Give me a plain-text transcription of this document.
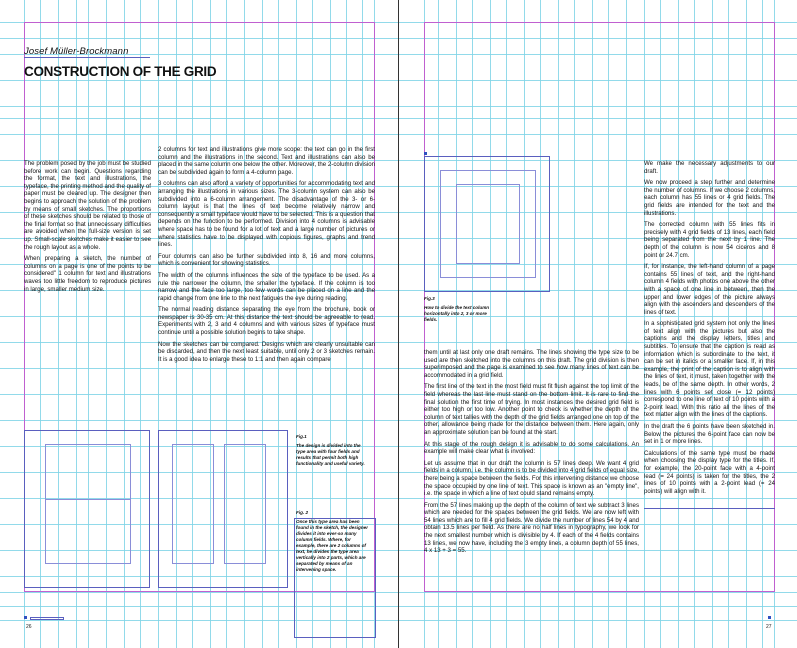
Josef Müller-Brockmann
CONSTRUCTION OF THE GRID

The problem posed by the job must be studied before work can begin. Questions regarding the format, the text and illustrations, the typeface, the printing method and the quality of paper must be cleared up. The designer then begins to approach the solution of the problem by means of small sketches. The proportions of these sketches should be related to those of the final format so that unnecessary difficulties are avoided when the full-size version is set up. Small-scale sketches make it easier to see the rough layout as a whole.

When preparing a sketch, the number of columns on a page is one of the points to be considered" 1 column for text and illustrations waves too little freedom to reproduce pictures in large, smaller medium size.

2 columns for text and illustrations give more scope: the text can go in the first column and the illustrations in the second. Text and illustrations can also be placed in the same column one below the other. Moreover, the 2-column division can be subdivided again to form a 4-column page.

3 columns can also afford a variety of opportunities for accommodating text and arranging the illustrations in various sizes. The 3-column system can also be subdivided into a 6-column arrangement. The disadvantage of the 3- or 6-column layout is that the lines of text become relatively narrow and consequently a small typeface would have to be selected. This is a question that depends on the function to be performed. Division into 4 columns is advisable where space has to be found for a lot of text and a large number of pictures or where statistics have to be displayed with copious figures, graphs and trend lines.

Four columns can also be further subdivided into 8, 16 and more columns, which is convenient for showing statistics.

The width of the columns influences the size of the typeface to be used. As a rule the narrower the column, the smaller the typeface. If the column is too narrow and the face too large, too few words can be placed on a line and the rapid change from one line to the next fatigues the eye during reading.

The normal reading distance separating the eye from the brochure, book or newspaper is 30-35 cm. At this distance the text should be agreeable to read. Experiments with 2, 3 and 4 columns and with various sizes of typeface must continue until a possible solution begins to take shape.

Now the sketches can be compared. Designs which are clearly unsuitable can be discarded, and then the next least suitable, until only 2 or 3 sketches remain. It is a good idea to enlarge these to 1:1 and then again compare

Fig.1
The design is divided into the type area with four fields and results that permit both high functionality and useful variety.
Fig. 2
Once this type area has been found in the sketch, the designer divides it into ever-so many column fields. Where, for example, there are 2 columns of text, he divides the type area vertically into 2 parts, which are separated by means of an intervening space.
26
Fig.3
How to divide the text column horizontally into 2, 3 or more fields.

them until at last only one draft remains. The lines showing the type size to be used are then sketched into the columns on this draft. The grid division is then superimposed and the page is examined to see how many lines of text can be accommodated in a grid field.

The first line of the text in the most field must fit flush against the top limit of the field whereas the last line must stand on the bottom limit. It is rare to find the final solution the first time of trying. In most instances the desired grid field is either too high or too low. Another point to check is whether the depth of the column of text tallies with the depth of the grid fields arranged one on top of the other, allowance being made for the distance between them. Here again, only an approximate solution can be found at the start.

At this stage of the rough design it is advisable to do some calculations. An example will make clear what is involved:

Let us assume that in our draft the column is 57 lines deep. We want 4 grid fields in a column, i.e. the column is to be divided into 4 grid fields of equal size, there being a space between the fields. For this intervening distance we choose the space occupied by one line of text. This space is known as an "empty line", i.e. the space in which a line of text could stand remains empty.

From the 57 lines making up the depth of the column of text we subtract 3 lines which are needed for the spaces between the grid fields. We are now left with 54 lines which are to fill 4 grid fields. We divide the number of lines 54 by 4 and obtain 13.5 lines per field. As there are no half lines in typography, we look for the next smallest number which is divisible by 4. If each of the 4 fields contains 13 lines, we now have, including the 3 empty lines, a column depth of 55 lines, 4 x 13 + 3 = 55.

We make the necessary adjustments to our draft.

We now proceed a step further and determine the number of columns. If we choose 2 columns, each column has 55 lines or 4 grid fields. The grid fields are intended for the text and the illustrations.

The corrected column with 55 lines fits in precisely with 4 grid fields of 13 lines, each field being separated from the next by 1 line. The depth of the column is now 54 ciceros and 8 point or 24.7 cm.

If, for instance, the left-hand column of a page contains 55 lines of text, and the right-hand column 4 fields with photos one above the other with a space of one line in between, then the upper and lower edges of the picture always align with the ascenders and descenders of the lines of text.

In a sophisticated grid system not only the lines of text align with the pictures but also the captions and the display letters, titles and subtitles. To ensure that the caption is read as information which is subordinate to the text, it can be set in italics or a smaller face. If, in this example, the print of the caption is to align with the lines of text, it must, taken together with the leads, be of the same depth. In other words, 2 lines with 6 points set close (= 12 points) correspond to one line of text of 10 points with a 2-point lead. With this ratio all the lines of the text matter align with the lines of the captions.

In the draft the 6 points have been sketched in. Below the pictures the 6-point face can now be set in 1 or more lines.

Calculations of the same type must be made when choosing the display type for the titles. If, for example, the 20-point face with a 4-point lead (= 24 points) is taken for the titles, the 2 lines of 10 points with a 2-point lead (= 24 points) will align with it.

27
